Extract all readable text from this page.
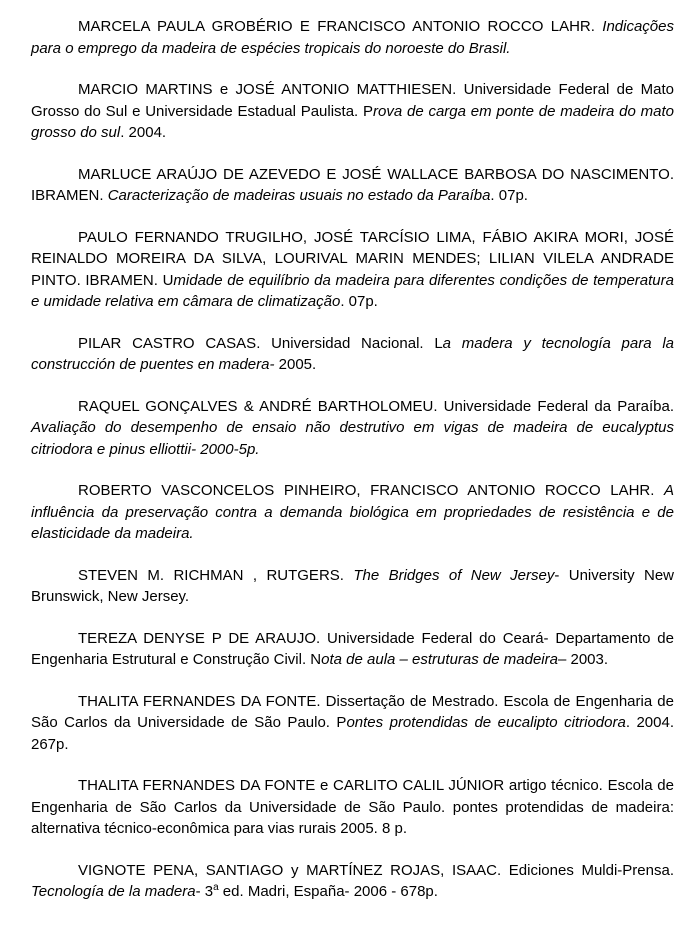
MARCELA PAULA GROBÉRIO E FRANCISCO ANTONIO ROCCO LAHR. Indicações para o emprego da madeira de espécies tropicais do noroeste do Brasil.

MARCIO MARTINS e JOSÉ ANTONIO MATTHIESEN. Universidade Federal de Mato Grosso do Sul e Universidade Estadual Paulista. Prova de carga em ponte de madeira do mato grosso do sul. 2004.

MARLUCE ARAÚJO DE AZEVEDO E JOSÉ WALLACE BARBOSA DO NASCIMENTO. IBRAMEN. Caracterização de madeiras usuais no estado da Paraíba. 07p.

PAULO FERNANDO TRUGILHO, JOSÉ TARCÍSIO LIMA, FÁBIO AKIRA MORI, JOSÉ REINALDO MOREIRA DA SILVA, LOURIVAL MARIN MENDES; LILIAN VILELA ANDRADE PINTO. IBRAMEN. Umidade de equilíbrio da madeira para diferentes condições de temperatura e umidade relativa em câmara de climatização. 07p.

PILAR CASTRO CASAS. Universidad Nacional. La madera y tecnología para la construcción de puentes en madera- 2005.

RAQUEL GONÇALVES & ANDRÉ BARTHOLOMEU. Universidade Federal da Paraíba. Avaliação do desempenho de ensaio não destrutivo em vigas de madeira de eucalyptus citriodora e pinus elliottii- 2000-5p.

ROBERTO VASCONCELOS PINHEIRO, FRANCISCO ANTONIO ROCCO LAHR. A influência da preservação contra a demanda biológica em propriedades de resistência e de elasticidade da madeira.

STEVEN M. RICHMAN , RUTGERS. The Bridges of New Jersey- University New Brunswick, New Jersey.

TEREZA DENYSE P DE ARAUJO. Universidade Federal do Ceará- Departamento de Engenharia Estrutural e Construção Civil. Nota de aula – estruturas de madeira– 2003.

THALITA FERNANDES DA FONTE. Dissertação de Mestrado. Escola de Engenharia de São Carlos da Universidade de São Paulo. Pontes protendidas de eucalipto citriodora. 2004. 267p.

THALITA FERNANDES DA FONTE e CARLITO CALIL JÚNIOR artigo técnico. Escola de Engenharia de São Carlos da Universidade de São Paulo. pontes protendidas de madeira: alternativa técnico-econômica para vias rurais 2005. 8 p.

VIGNOTE PENA, SANTIAGO y MARTÍNEZ ROJAS, ISAAC. Ediciones Muldi-Prensa. Tecnología de la madera- 3$^a$ ed. Madri, España- 2006 - 678p.
